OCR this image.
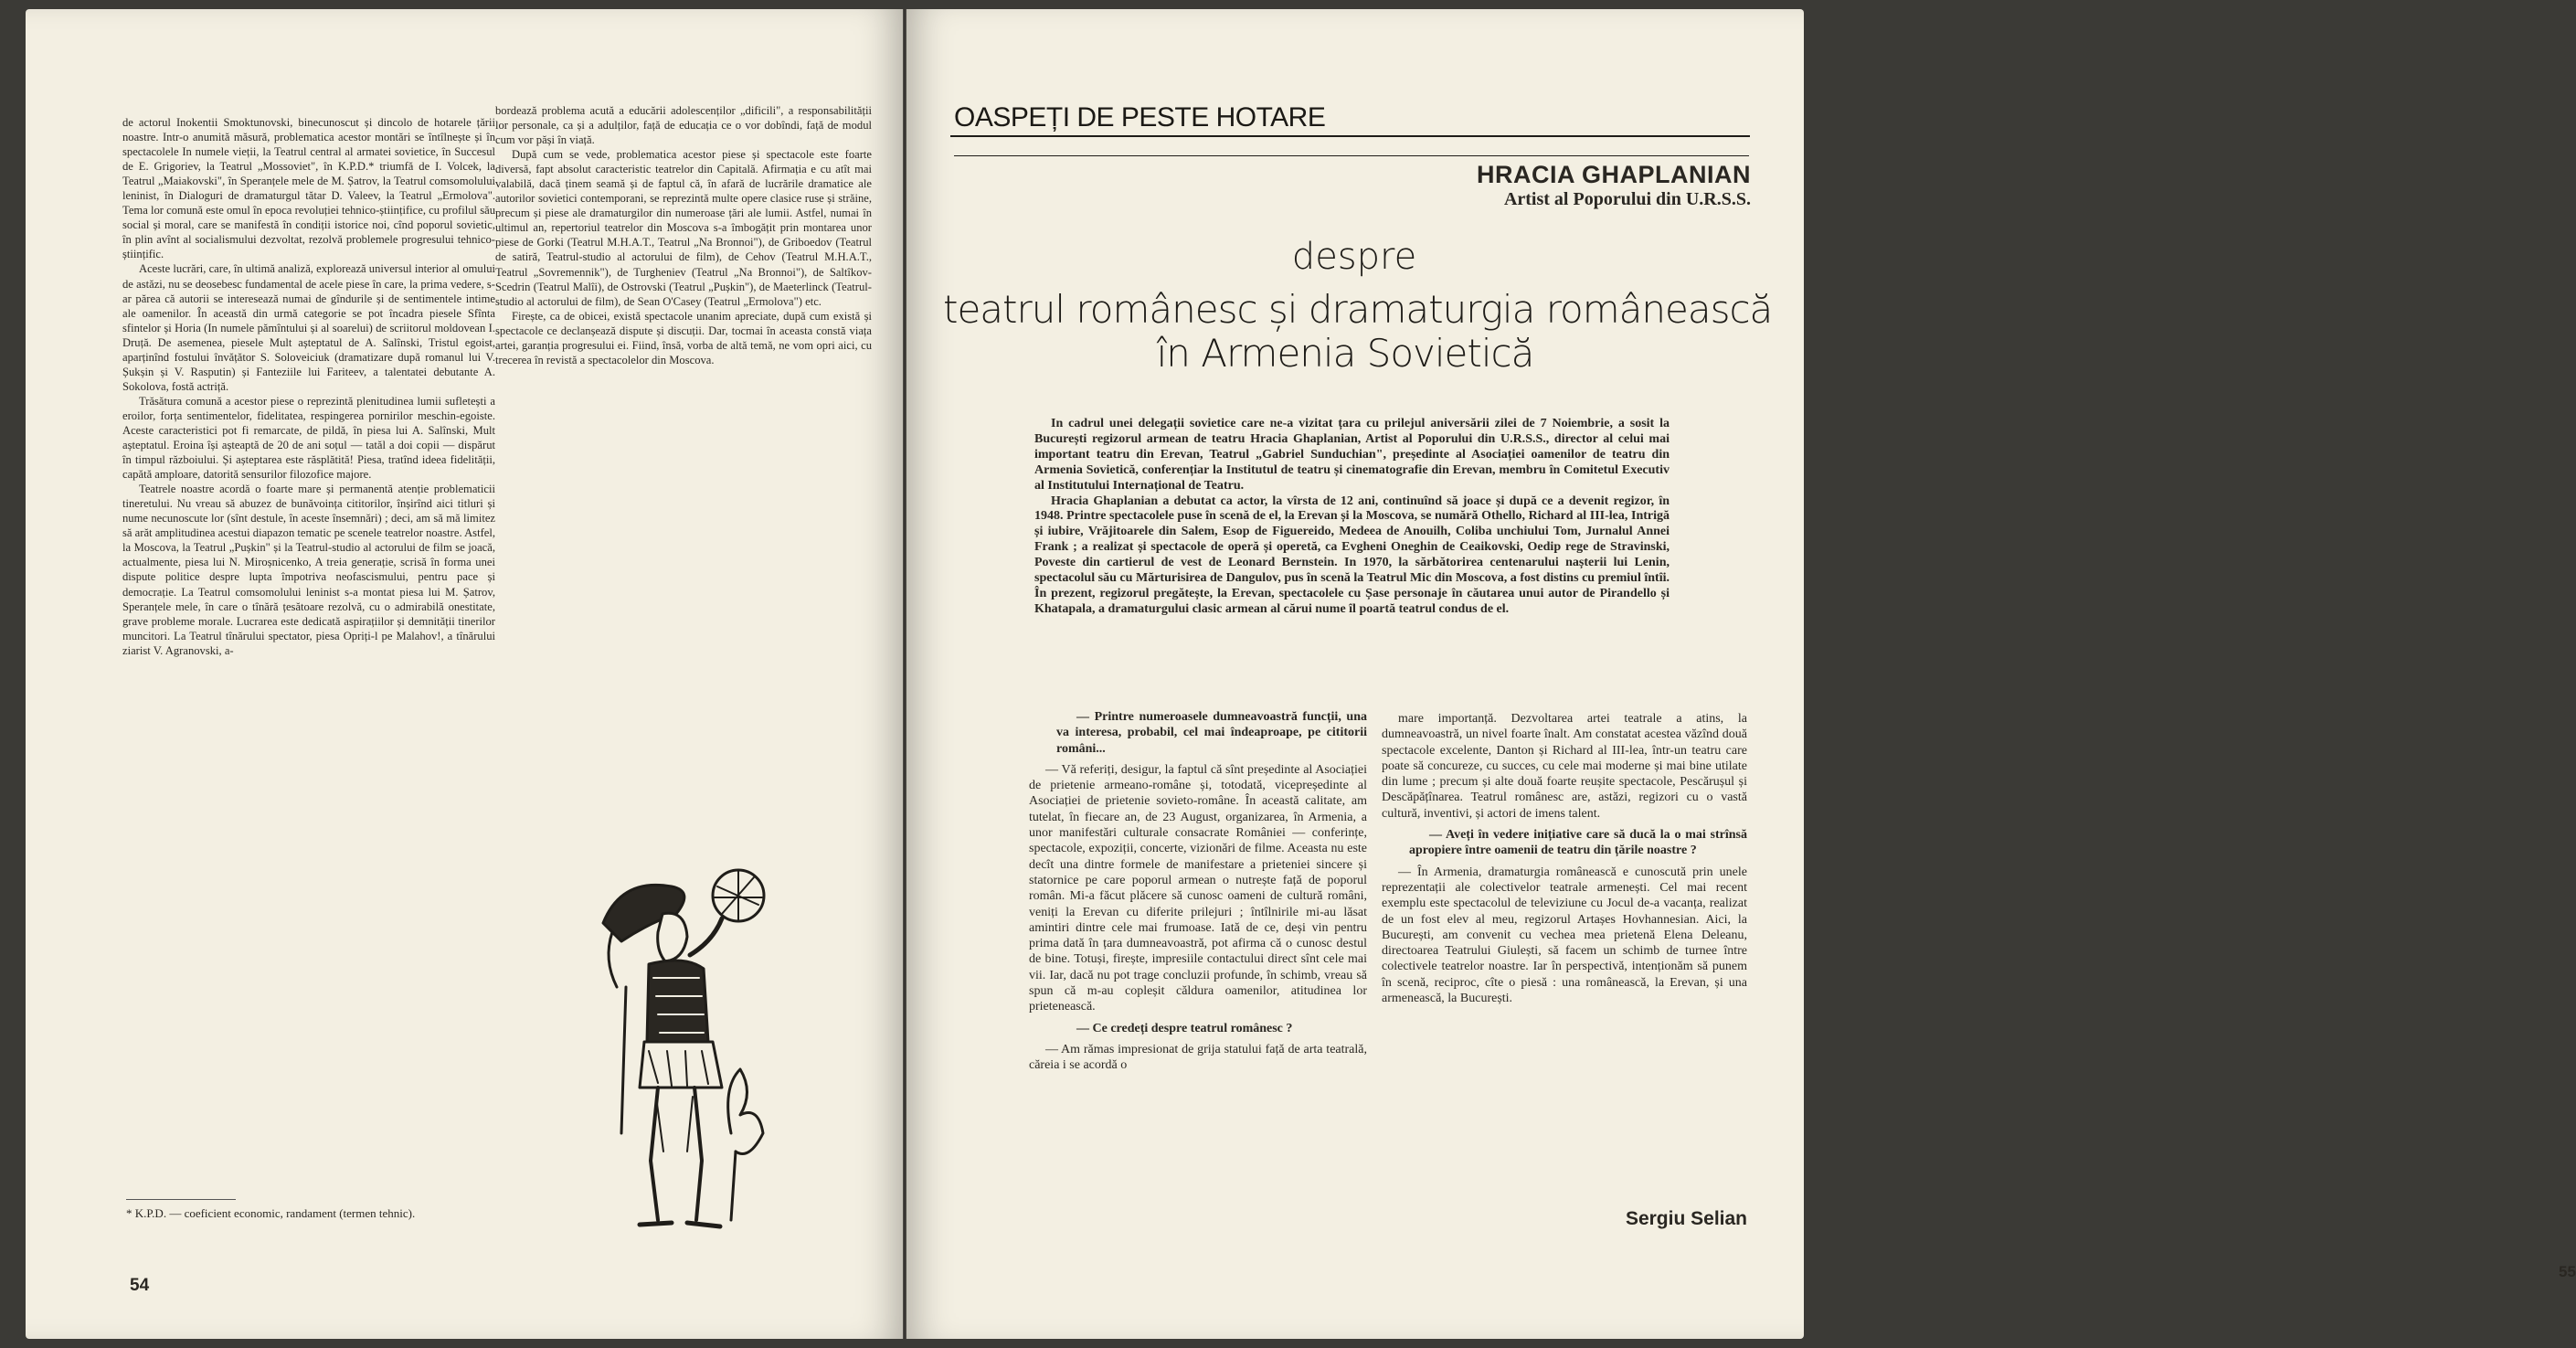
de actorul Inokentii Smoktunovski, binecunoscut și dincolo de hotarele țării noastre. Intr-o anumită măsură, problematica acestor montări se întîlnește și în spectacolele In numele vieții, la Teatrul central al armatei sovietice, în Succesul de E. Grigoriev, la Teatrul „Mossoviet", în K.P.D.* triumfă de I. Volcek, la Teatrul „Maiakovski", în Speranțele mele de M. Șatrov, la Teatrul comsomolului leninist, în Dialoguri de dramaturgul tătar D. Valeev, la Teatrul „Ermolova". Tema lor comună este omul în epoca revoluției tehnico-științifice, cu profilul său social și moral, care se manifestă în condiții istorice noi, cînd poporul sovietic, în plin avînt al socialismului dezvoltat, rezolvă problemele progresului tehnico-științific.

Aceste lucrări, care, în ultimă analiză, explorează universul interior al omului de astăzi, nu se deosebesc fundamental de acele piese în care, la prima vedere, s-ar părea că autorii se interesează numai de gîndurile și de sentimentele intime ale oamenilor. În această din urmă categorie se pot încadra piesele Sfînta sfintelor și Horia (In numele pămîntului și al soarelui) de scriitorul moldovean I. Druță. De asemenea, piesele Mult așteptatul de A. Salînski, Tristul egoist, aparținînd fostului învățător S. Soloveiciuk (dramatizare după romanul lui V. Șukșin și V. Rasputin) și Fanteziile lui Fariteev, a talentatei debutante A. Sokolova, fostă actriță.

Trăsătura comună a acestor piese o reprezintă plenitudinea lumii sufletești a eroilor, forța sentimentelor, fidelitatea, respingerea pornirilor meschin-egoiste. Aceste caracteristici pot fi remarcate, de pildă, în piesa lui A. Salînski, Mult așteptatul. Eroina își așteaptă de 20 de ani soțul — tatăl a doi copii — dispărut în timpul războiului. Și așteptarea este răsplătită! Piesa, tratînd ideea fidelității, capătă amploare, datorită sensurilor filozofice majore.

Teatrele noastre acordă o foarte mare și permanentă atenție problematicii tineretului. Nu vreau să abuzez de bunăvoința cititorilor, înșirînd aici titluri și nume necunoscute lor (sînt destule, în aceste însemnări) ; deci, am să mă limitez să arăt amplitudinea acestui diapazon tematic pe scenele teatrelor noastre. Astfel, la Moscova, la Teatrul „Pușkin" și la Teatrul-studio al actorului de film se joacă, actualmente, piesa lui N. Miroșnicenko, A treia generație, scrisă în forma unei dispute politice despre lupta împotriva neofascismului, pentru pace și democrație. La Teatrul comsomolului leninist s-a montat piesa lui M. Șatrov, Speranțele mele, în care o tînără țesătoare rezolvă, cu o admirabilă onestitate, grave probleme morale. Lucrarea este dedicată aspirațiilor și demnității tinerilor muncitori. La Teatrul tînărului spectator, piesa Opriți-l pe Malahov!, a tînărului ziarist V. Agranovski, a-

bordează problema acută a educării adolescenților „dificili", a responsabilității lor personale, ca și a adulților, față de educația ce o vor dobîndi, față de modul cum vor păși în viață.

După cum se vede, problematica acestor piese și spectacole este foarte diversă, fapt absolut caracteristic teatrelor din Capitală. Afirmația e cu atît mai valabilă, dacă ținem seamă și de faptul că, în afară de lucrările dramatice ale autorilor sovietici contemporani, se reprezintă multe opere clasice ruse și străine, precum și piese ale dramaturgilor din numeroase țări ale lumii. Astfel, numai în ultimul an, repertoriul teatrelor din Moscova s-a îmbogățit prin montarea unor piese de Gorki (Teatrul M.H.A.T., Teatrul „Na Bronnoi"), de Griboedov (Teatrul de satiră, Teatrul-studio al actorului de film), de Cehov (Teatrul M.H.A.T., Teatrul „Sovremennik"), de Turgheniev (Teatrul „Na Bronnoi"), de Saltîkov-Scedrin (Teatrul Malîi), de Ostrovski (Teatrul „Pușkin"), de Maeterlinck (Teatrul-studio al actorului de film), de Sean O'Casey (Teatrul „Ermolova") etc.

Firește, ca de obicei, există spectacole unanim apreciate, după cum există și spectacole ce declanșează dispute și discuții. Dar, tocmai în aceasta constă viața artei, garanția progresului ei. Fiind, însă, vorba de altă temă, ne vom opri aici, cu trecerea în revistă a spectacolelor din Moscova.

* K.P.D. — coeficient economic, randament (termen tehnic).
54
OASPEȚI DE PESTE HOTARE
HRACIA GHAPLANIAN
Artist al Poporului din U.R.S.S.
despre
teatrul românesc și dramaturgia românească
în Armenia Sovietică

In cadrul unei delegații sovietice care ne-a vizitat țara cu prilejul aniversării zilei de 7 Noiembrie, a sosit la București regizorul armean de teatru Hracia Ghaplanian, Artist al Poporului din U.R.S.S., director al celui mai important teatru din Erevan, Teatrul „Gabriel Sunduchian", președinte al Asociației oamenilor de teatru din Armenia Sovietică, conferențiar la Institutul de teatru și cinematografie din Erevan, membru în Comitetul Executiv al Institutului Internațional de Teatru.

Hracia Ghaplanian a debutat ca actor, la vîrsta de 12 ani, continuînd să joace și după ce a devenit regizor, în 1948. Printre spectacolele puse în scenă de el, la Erevan și la Moscova, se numără Othello, Richard al III-lea, Intrigă și iubire, Vrăjitoarele din Salem, Esop de Figuereido, Medeea de Anouilh, Coliba unchiului Tom, Jurnalul Annei Frank ; a realizat și spectacole de operă și operetă, ca Evgheni Oneghin de Ceaikovski, Oedip rege de Stravinski, Poveste din cartierul de vest de Leonard Bernstein. In 1970, la sărbătorirea centenarului nașterii lui Lenin, spectacolul său cu Mărturisirea de Dangulov, pus în scenă la Teatrul Mic din Moscova, a fost distins cu premiul întîi. În prezent, regizorul pregătește, la Erevan, spectacolele cu Șase personaje în căutarea unui autor de Pirandello și Khatapala, a dramaturgului clasic armean al cărui nume îl poartă teatrul condus de el.

— Printre numeroasele dumneavoastră funcții, una va interesa, probabil, cel mai îndeaproape, pe cititorii români...

— Vă referiți, desigur, la faptul că sînt președinte al Asociației de prietenie armeano-române și, totodată, vicepreședinte al Asociației de prietenie sovieto-române. În această calitate, am tutelat, în fiecare an, de 23 August, organizarea, în Armenia, a unor manifestări culturale consacrate României — conferințe, spectacole, expoziții, concerte, vizionări de filme. Aceasta nu este decît una dintre formele de manifestare a prieteniei sincere și statornice pe care poporul armean o nutrește față de poporul român. Mi-a făcut plăcere să cunosc oameni de cultură români, veniți la Erevan cu diferite prilejuri ; întîlnirile mi-au lăsat amintiri dintre cele mai frumoase. Iată de ce, deși vin pentru prima dată în țara dumneavoastră, pot afirma că o cunosc destul de bine. Totuși, firește, impresiile contactului direct sînt cele mai vii. Iar, dacă nu pot trage concluzii profunde, în schimb, vreau să spun că m-au copleșit căldura oamenilor, atitudinea lor prietenească.

— Ce credeți despre teatrul românesc ?

— Am rămas impresionat de grija statului față de arta teatrală, căreia i se acordă o

mare importanță. Dezvoltarea artei teatrale a atins, la dumneavoastră, un nivel foarte înalt. Am constatat acestea văzînd două spectacole excelente, Danton și Richard al III-lea, într-un teatru care poate să concureze, cu succes, cu cele mai moderne și mai bine utilate din lume ; precum și alte două foarte reușite spectacole, Pescărușul și Descăpățînarea. Teatrul românesc are, astăzi, regizori cu o vastă cultură, inventivi, și actori de imens talent.

— Aveți în vedere inițiative care să ducă la o mai strînsă apropiere între oamenii de teatru din țările noastre ?

— În Armenia, dramaturgia românească e cunoscută prin unele reprezentații ale colectivelor teatrale armenești. Cel mai recent exemplu este spectacolul de televiziune cu Jocul de-a vacanța, realizat de un fost elev al meu, regizorul Artașes Hovhannesian. Aici, la București, am convenit cu vechea mea prietenă Elena Deleanu, directoarea Teatrului Giulești, să facem un schimb de turnee între colectivele teatrelor noastre. Iar în perspectivă, intenționăm să punem în scenă, reciproc, cîte o piesă : una românească, la Erevan, și una armenească, la București.

Sergiu Selian
55
